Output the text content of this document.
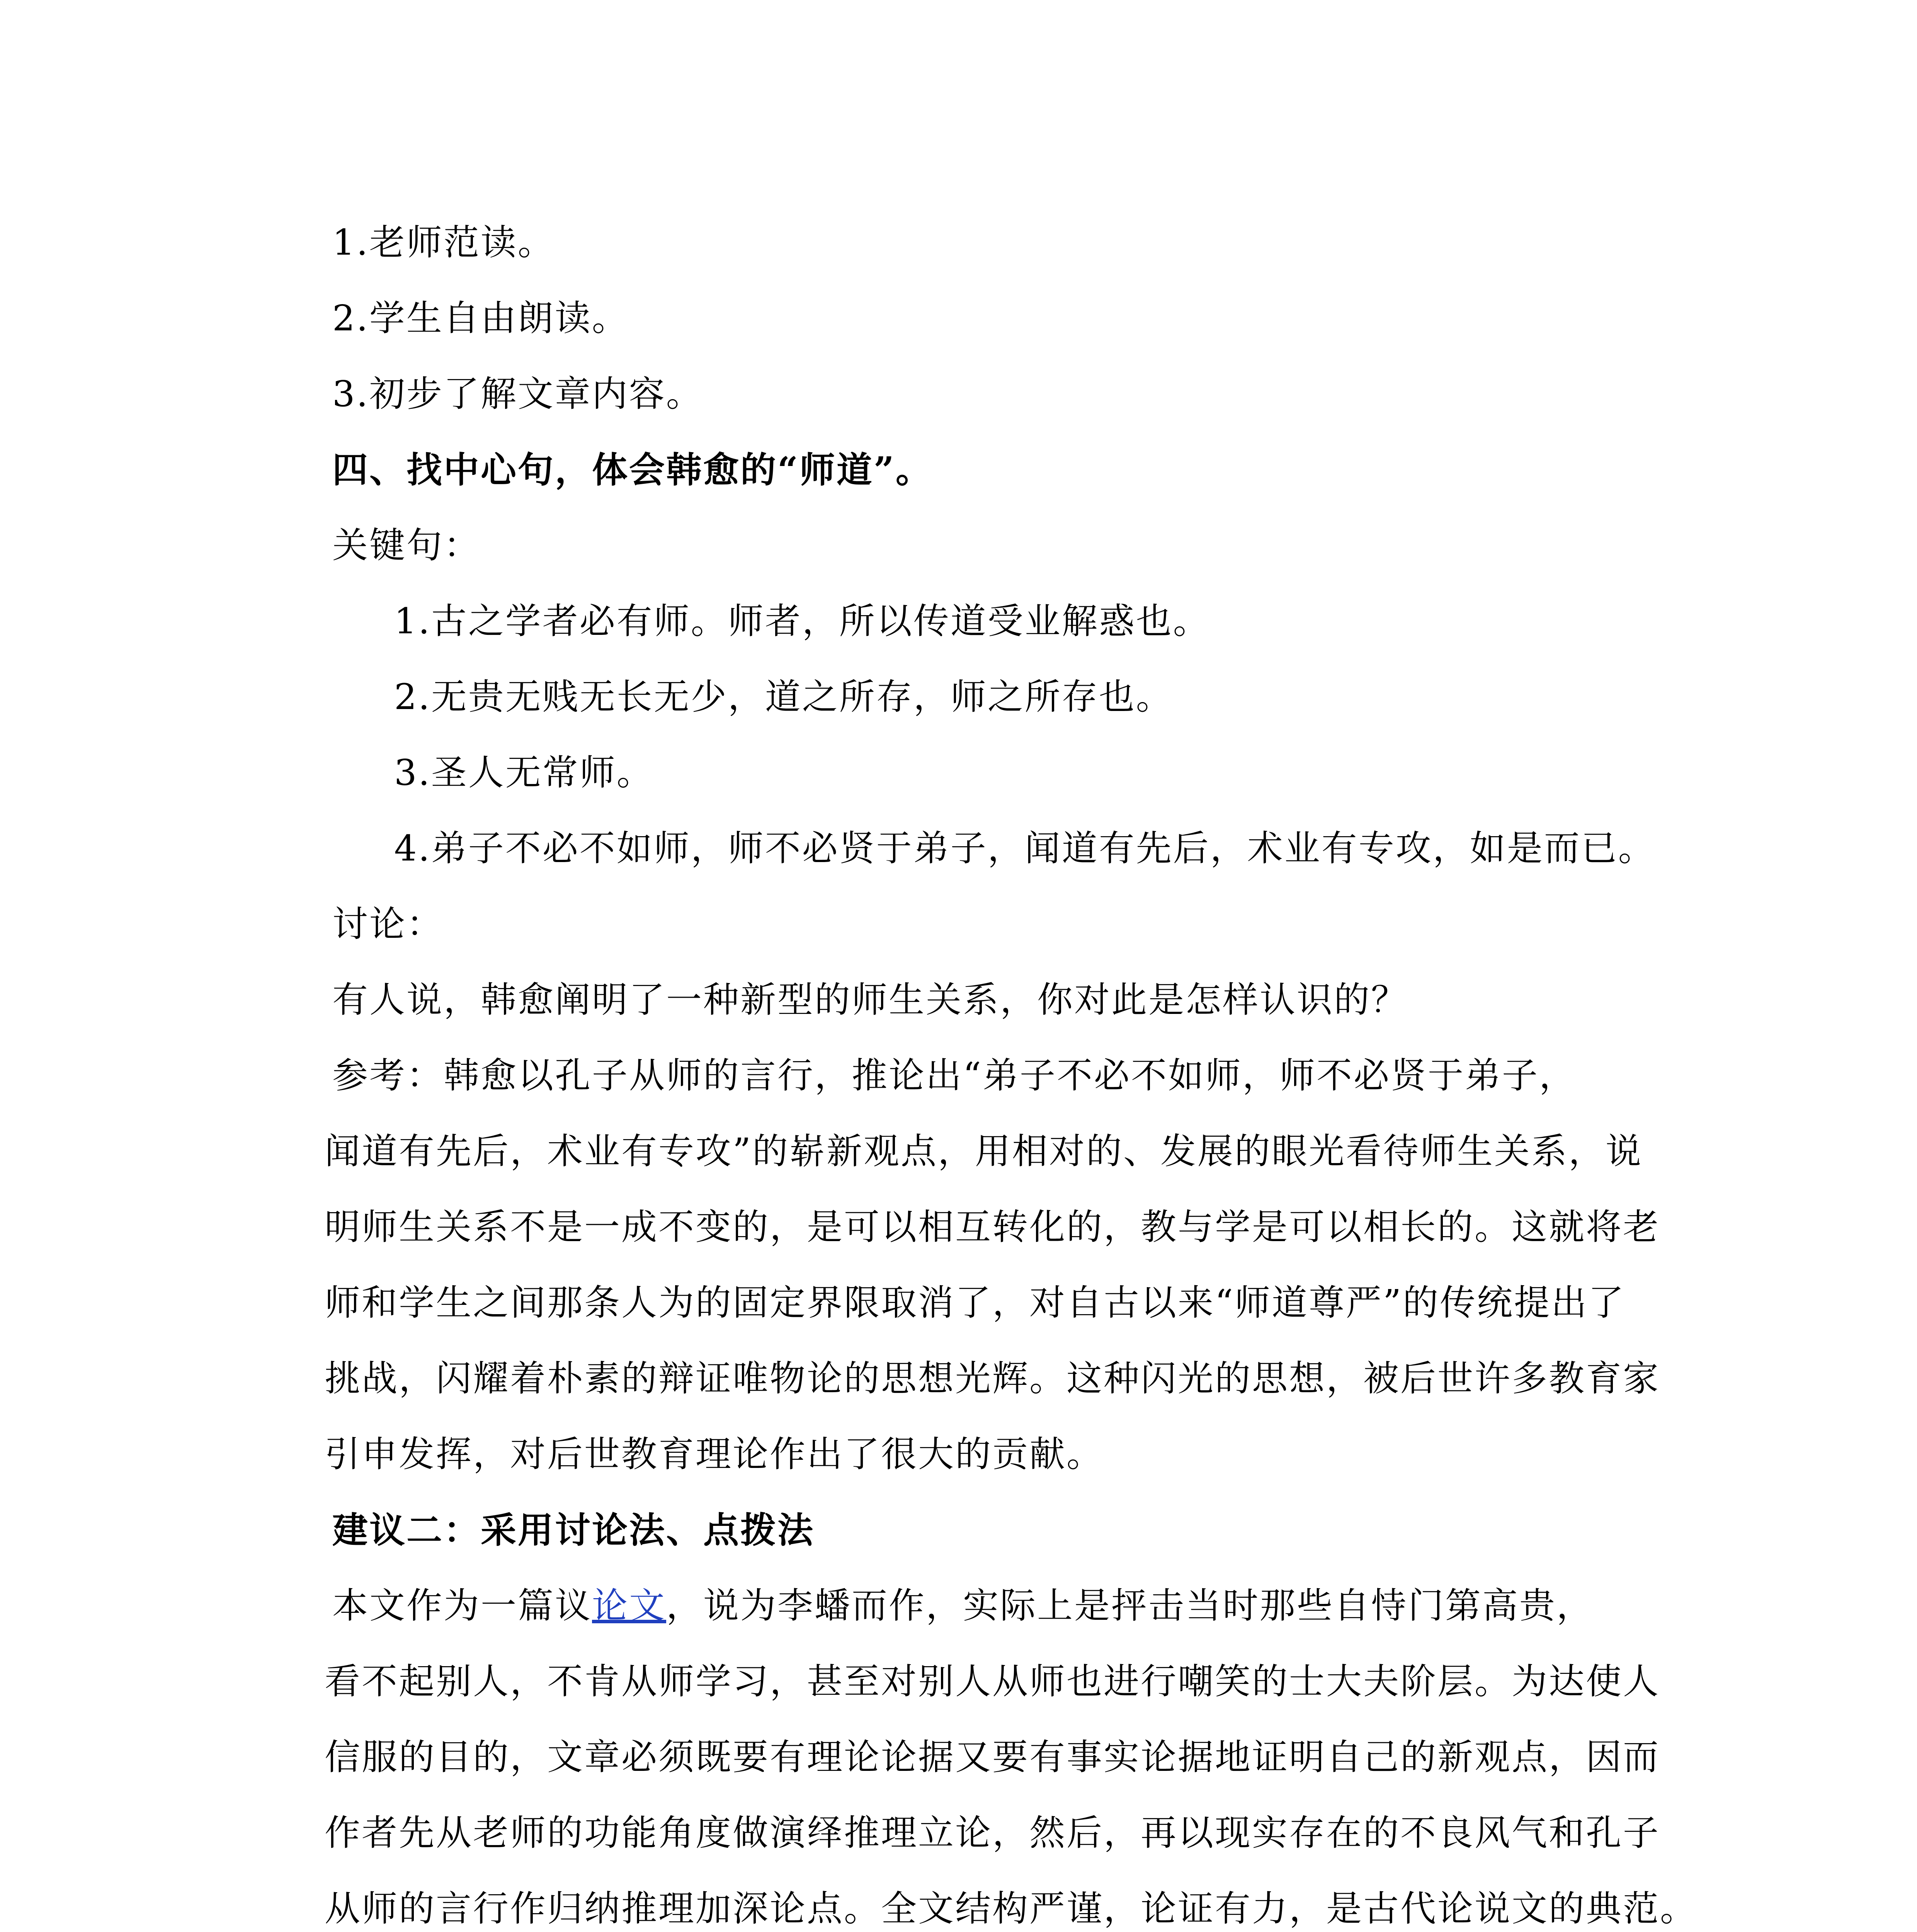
1.老师范读。
2.学生自由朗读。
3.初步了解文章内容。
四、找中心句，体会韩愈的“师道”。
关键句：
1.古之学者必有师。师者，所以传道受业解惑也。
2.无贵无贱无长无少，道之所存，师之所存也。
3.圣人无常师。
4.弟子不必不如师，师不必贤于弟子，闻道有先后，术业有专攻，如是而已。
讨论：
有人说，韩愈阐明了一种新型的师生关系，你对此是怎样认识的？
参考：韩愈以孔子从师的言行，推论出“弟子不必不如师，师不必贤于弟子，
闻道有先后，术业有专攻”的崭新观点，用相对的、发展的眼光看待师生关系，说
明师生关系不是一成不变的，是可以相互转化的，教与学是可以相长的。这就将老
师和学生之间那条人为的固定界限取消了，对自古以来“师道尊严”的传统提出了
挑战，闪耀着朴素的辩证唯物论的思想光辉。这种闪光的思想，被后世许多教育家
引申发挥，对后世教育理论作出了很大的贡献。
建议二：采用讨论法、点拨法
本文作为一篇议论文，说为李蟠而作，实际上是抨击当时那些自恃门第高贵，
看不起别人，不肯从师学习，甚至对别人从师也进行嘲笑的士大夫阶层。为达使人
信服的目的，文章必须既要有理论论据又要有事实论据地证明自己的新观点，因而
作者先从老师的功能角度做演绎推理立论，然后，再以现实存在的不良风气和孔子
从师的言行作归纳推理加深论点。全文结构严谨，论证有力，是古代论说文的典范。
